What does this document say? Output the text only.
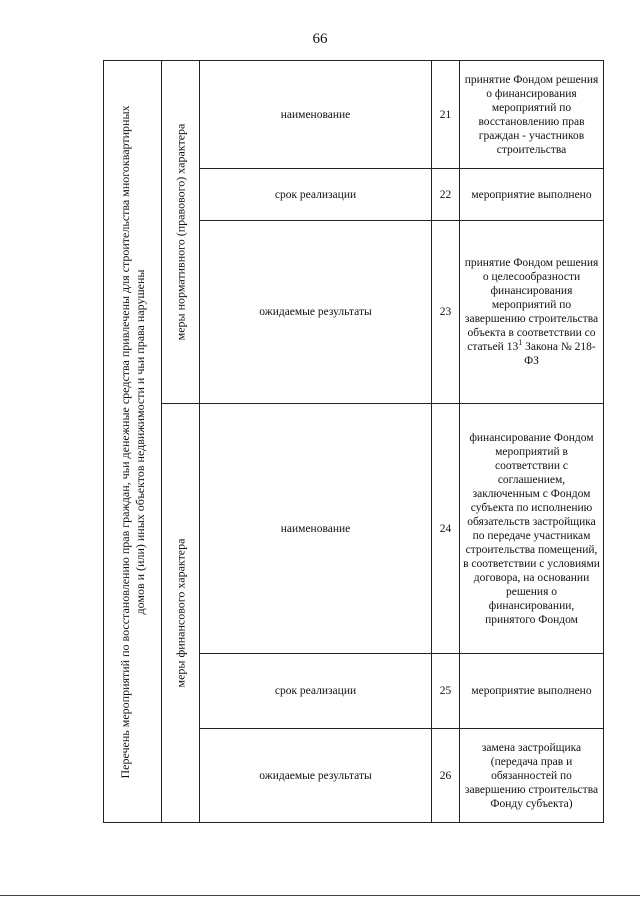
66
Перечень мероприятий по восстановлению прав граждан, чьи денежные средства привлечены для строительства многоквартирных домов и (или) иных объектов недвижимости и чьи права нарушены	меры нормативного (правового) характера	наименование	21	принятие Фондом решения о финансирования мероприятий по восстановлению прав граждан - участников строительства
		срок реализации	22	мероприятие выполнено
		ожидаемые результаты	23	принятие Фондом решения о целесообразности финансирования мероприятий по завершению строительства объекта в соответствии со статьей $13^1$ Закона № 218-ФЗ

	меры финансового характера	наименование	24	финансирование Фондом мероприятий в соответствии с соглашением, заключенным с Фондом субъекта по исполнению обязательств застройщика по передаче участникам строительства помещений, в соответствии с условиями договора, на основании решения о финансировании, принятого Фондом
		срок реализации	25	мероприятие выполнено
		ожидаемые результаты	26	замена застройщика (передача прав и обязанностей по завершению строительства Фонду субъекта)
